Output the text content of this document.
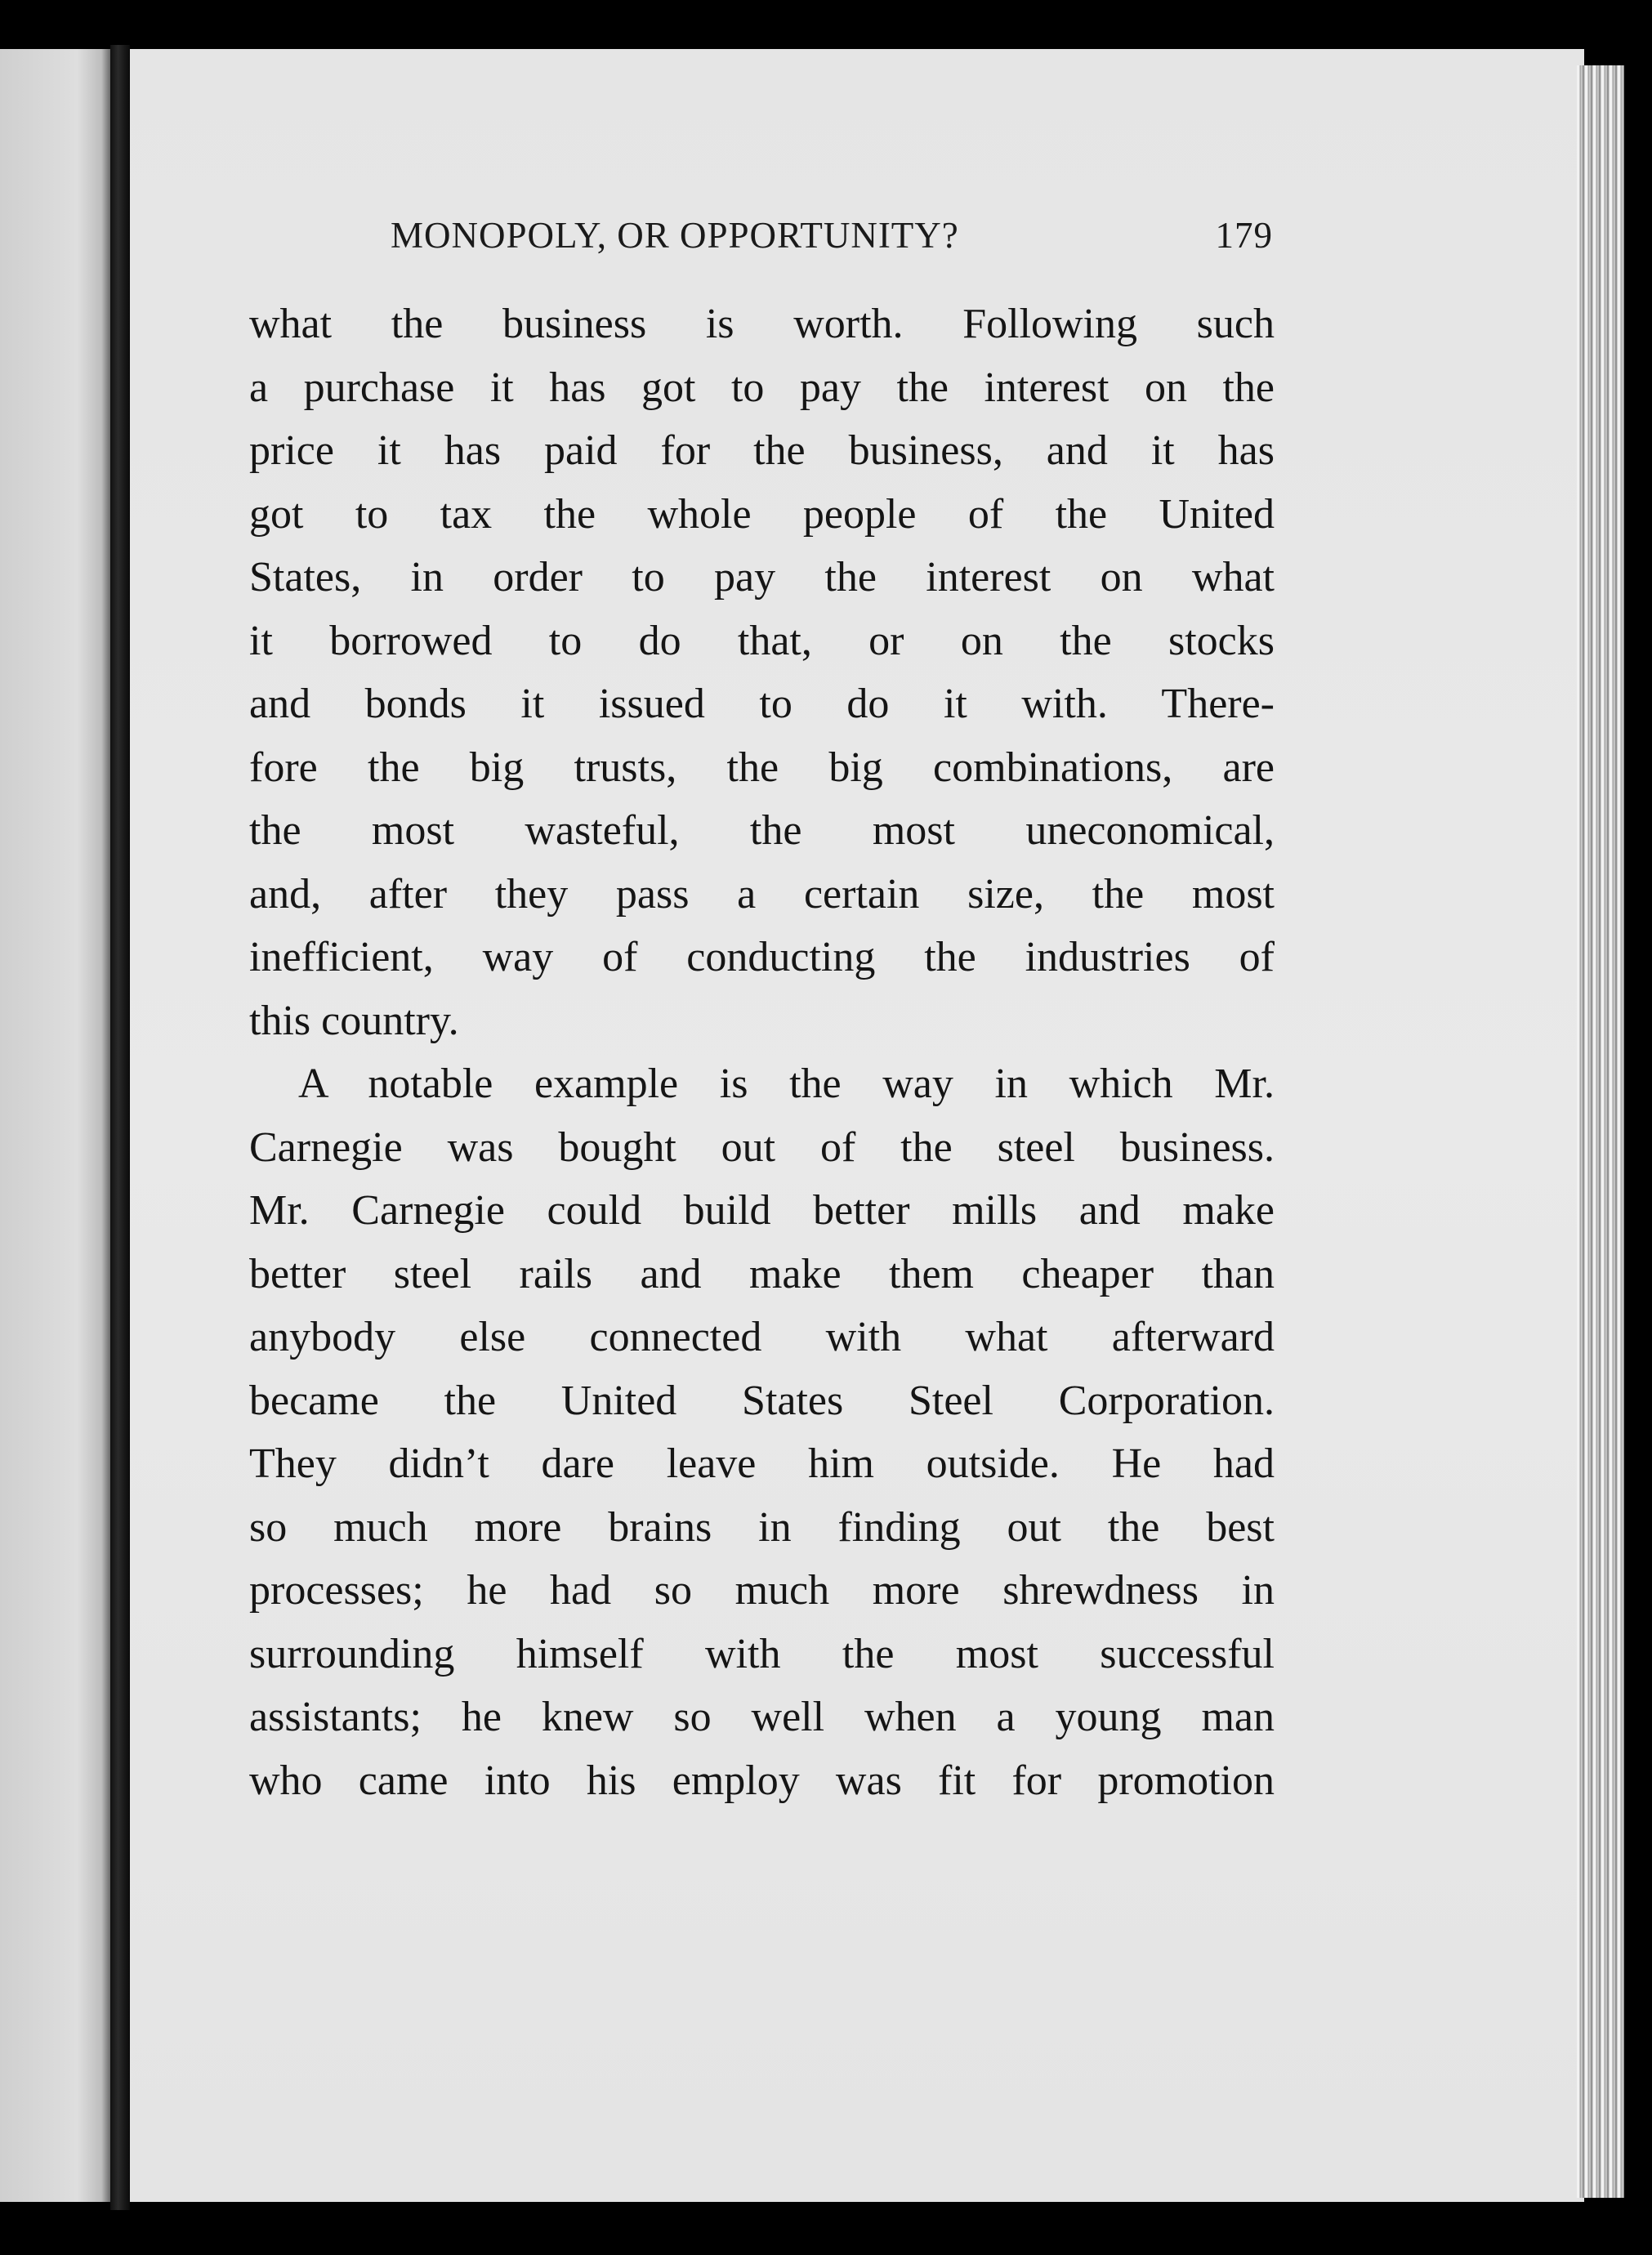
MONOPOLY, OR OPPORTUNITY?	179
what the business is worth. Following such
a purchase it has got to pay the interest on the
price it has paid for the business, and it has
got to tax the whole people of the United
States, in order to pay the interest on what
it borrowed to do that, or on the stocks
and bonds it issued to do it with. There-
fore the big trusts, the big combinations, are
the most wasteful, the most uneconomical,
and, after they pass a certain size, the most
inefficient, way of conducting the industries of
this country.
A notable example is the way in which Mr.
Carnegie was bought out of the steel business.
Mr. Carnegie could build better mills and make
better steel rails and make them cheaper than
anybody else connected with what afterward
became the United States Steel Corporation.
They didn’t dare leave him outside. He had
so much more brains in finding out the best
processes; he had so much more shrewdness in
surrounding himself with the most successful
assistants; he knew so well when a young man
who came into his employ was fit for promotion
